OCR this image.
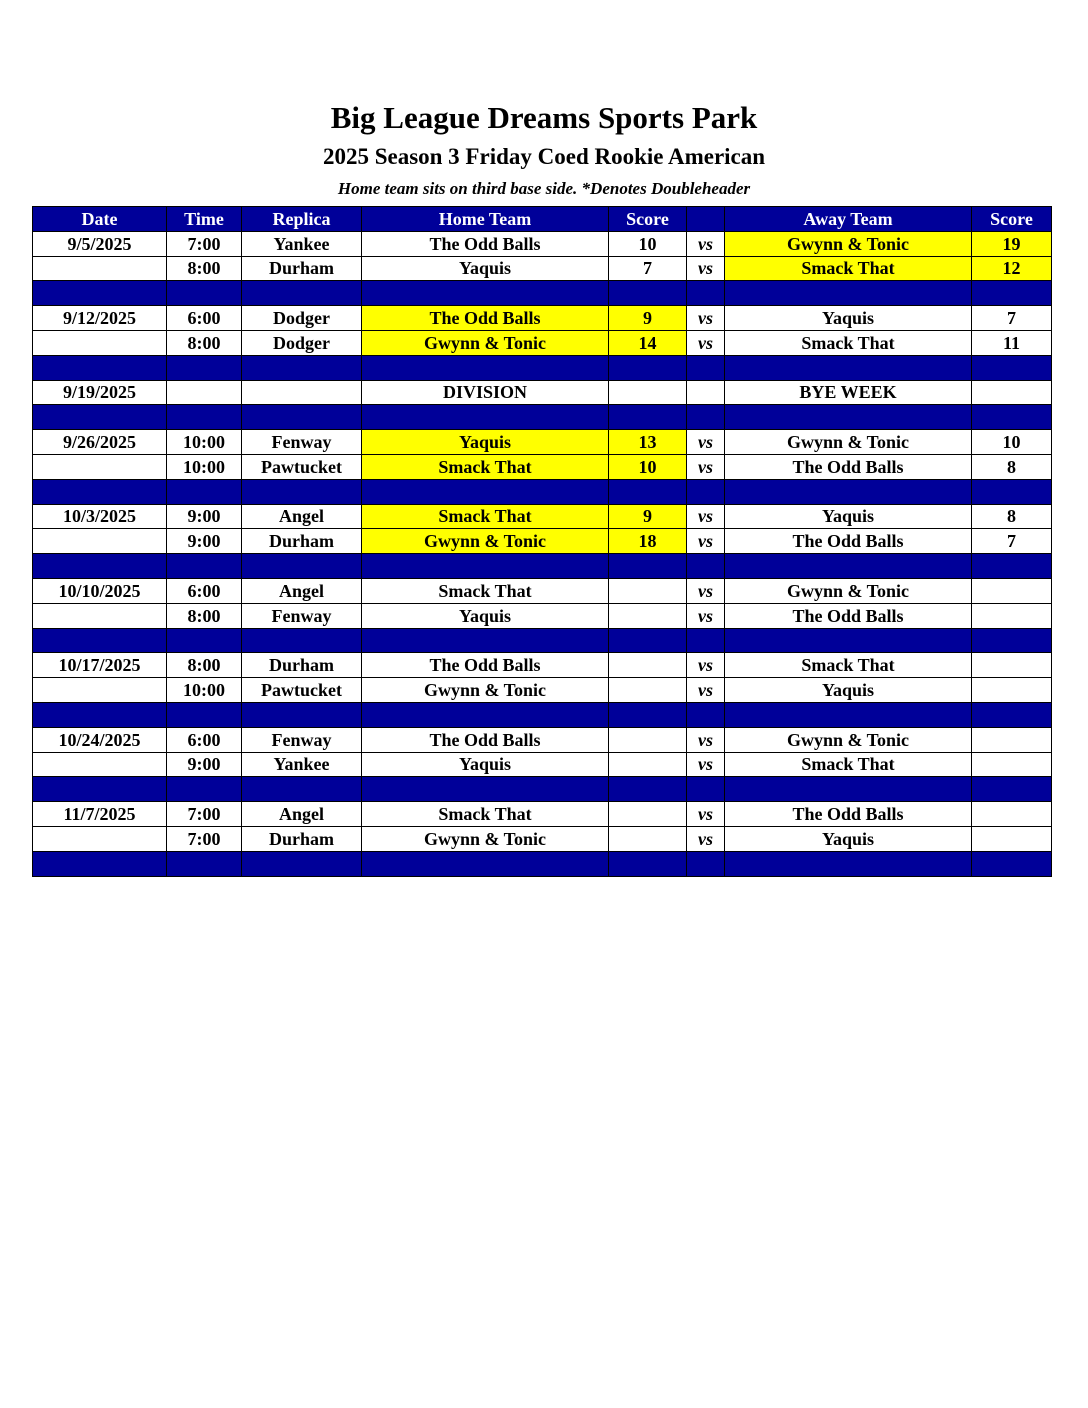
Big League Dreams Sports Park
2025 Season 3 Friday Coed Rookie American
Home team sits on third base side. *Denotes Doubleheader
Date	Time	Replica	Home Team	Score		Away Team	Score
9/5/2025	7:00	Yankee	The Odd Balls	10	vs	Gwynn & Tonic	19
	8:00	Durham	Yaquis	7	vs	Smack That	12

9/12/2025	6:00	Dodger	The Odd Balls	9	vs	Yaquis	7
	8:00	Dodger	Gwynn & Tonic	14	vs	Smack That	11

9/19/2025			DIVISION			BYE WEEK	

9/26/2025	10:00	Fenway	Yaquis	13	vs	Gwynn & Tonic	10
	10:00	Pawtucket	Smack That	10	vs	The Odd Balls	8

10/3/2025	9:00	Angel	Smack That	9	vs	Yaquis	8
	9:00	Durham	Gwynn & Tonic	18	vs	The Odd Balls	7

10/10/2025	6:00	Angel	Smack That		vs	Gwynn & Tonic	
	8:00	Fenway	Yaquis		vs	The Odd Balls	

10/17/2025	8:00	Durham	The Odd Balls		vs	Smack That	
	10:00	Pawtucket	Gwynn & Tonic		vs	Yaquis	

10/24/2025	6:00	Fenway	The Odd Balls		vs	Gwynn & Tonic	
	9:00	Yankee	Yaquis		vs	Smack That	

11/7/2025	7:00	Angel	Smack That		vs	The Odd Balls	
	7:00	Durham	Gwynn & Tonic		vs	Yaquis	
